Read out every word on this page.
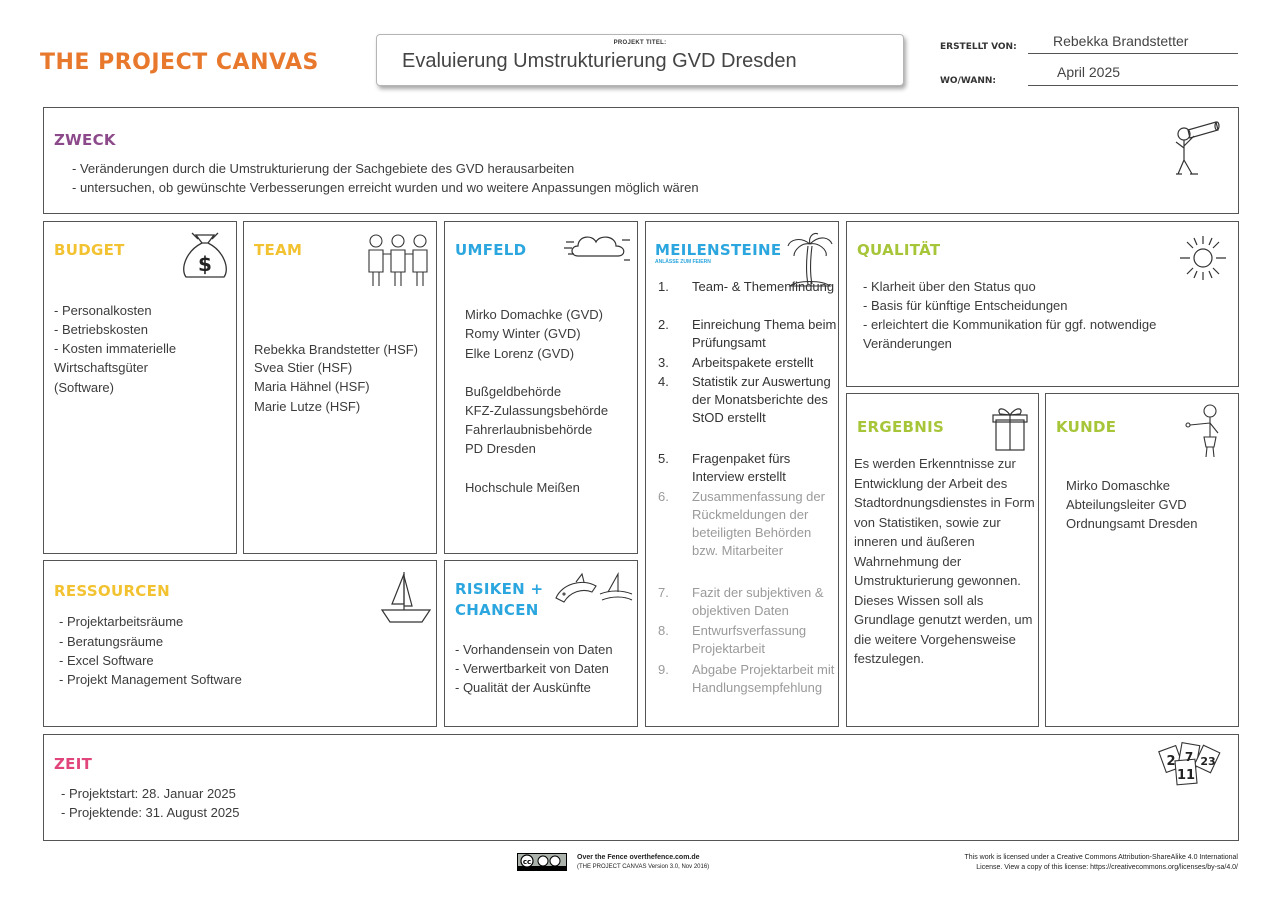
THE PROJECT CANVAS
PROJEKT TITEL:
Evaluierung Umstrukturierung GVD Dresden
ERSTELLT VON:	Rebekka Brandstetter
WO/WANN:
April 2025
ZWECK
- Veränderungen durch die Umstrukturierung der Sachgebiete des GVD herausarbeiten
- untersuchen, ob gewünschte Verbesserungen erreicht wurden und wo weitere Anpassungen möglich wären
BUDGET
$
- Personalkosten
- Betriebskosten
- Kosten immaterielle
Wirtschaftsgüter
(Software)
TEAM
Rebekka Brandstetter (HSF)
Svea Stier (HSF)
Maria Hähnel (HSF)
Marie Lutze (HSF)
UMFELD
Mirko Domachke (GVD)
Romy Winter (GVD)
Elke Lorenz (GVD)
Bußgeldbehörde
KFZ-Zulassungsbehörde
Fahrerlaubnisbehörde
PD Dresden
Hochschule Meißen
MEILENSTEINE
ANLÄSSE ZUM FEIERN
1.	Team- & Themenfindung
2.	Einreichung Thema beim Prüfungsamt
3.	Arbeitspakete erstellt
4.	Statistik zur Auswertung der Monatsberichte des StOD erstellt
5.	Fragenpaket fürs Interview erstellt
6.	Zusammenfassung der Rückmeldungen der beteiligten Behörden bzw. Mitarbeiter
7.	Fazit der subjektiven & objektiven Daten
8.	Entwurfsverfassung Projektarbeit
9.	Abgabe Projektarbeit mit Handlungsempfehlung
QUALITÄT
- Klarheit über den Status quo
- Basis für künftige Entscheidungen
- erleichtert die Kommunikation für ggf. notwendige
Veränderungen
ERGEBNIS
Es werden Erkenntnisse zur Entwicklung der Arbeit des Stadtordnungsdienstes in Form von Statistiken, sowie zur inneren und äußeren Wahrnehmung der Umstrukturierung gewonnen. Dieses Wissen soll als Grundlage genutzt werden, um die weitere Vorgehensweise festzulegen.
KUNDE
Mirko Domaschke
Abteilungsleiter GVD
Ordnungsamt Dresden
RESSOURCEN
- Projektarbeitsräume
- Beratungsräume
- Excel Software
- Projekt Management Software
RISIKEN +
CHANCEN
- Vorhandensein von Daten
- Verwertbarkeit von Daten
- Qualität der Auskünfte
ZEIT
- Projektstart: 28. Januar 2025
- Projektende: 31. August 2025
2 7 23
11
cc
Over the Fence overthefence.com.de
(THE PROJECT CANVAS Version 3.0, Nov 2016)
This work is licensed under a Creative Commons Attribution-ShareAlike 4.0 International
License. View a copy of this license: https://creativecommons.org/licenses/by-sa/4.0/
